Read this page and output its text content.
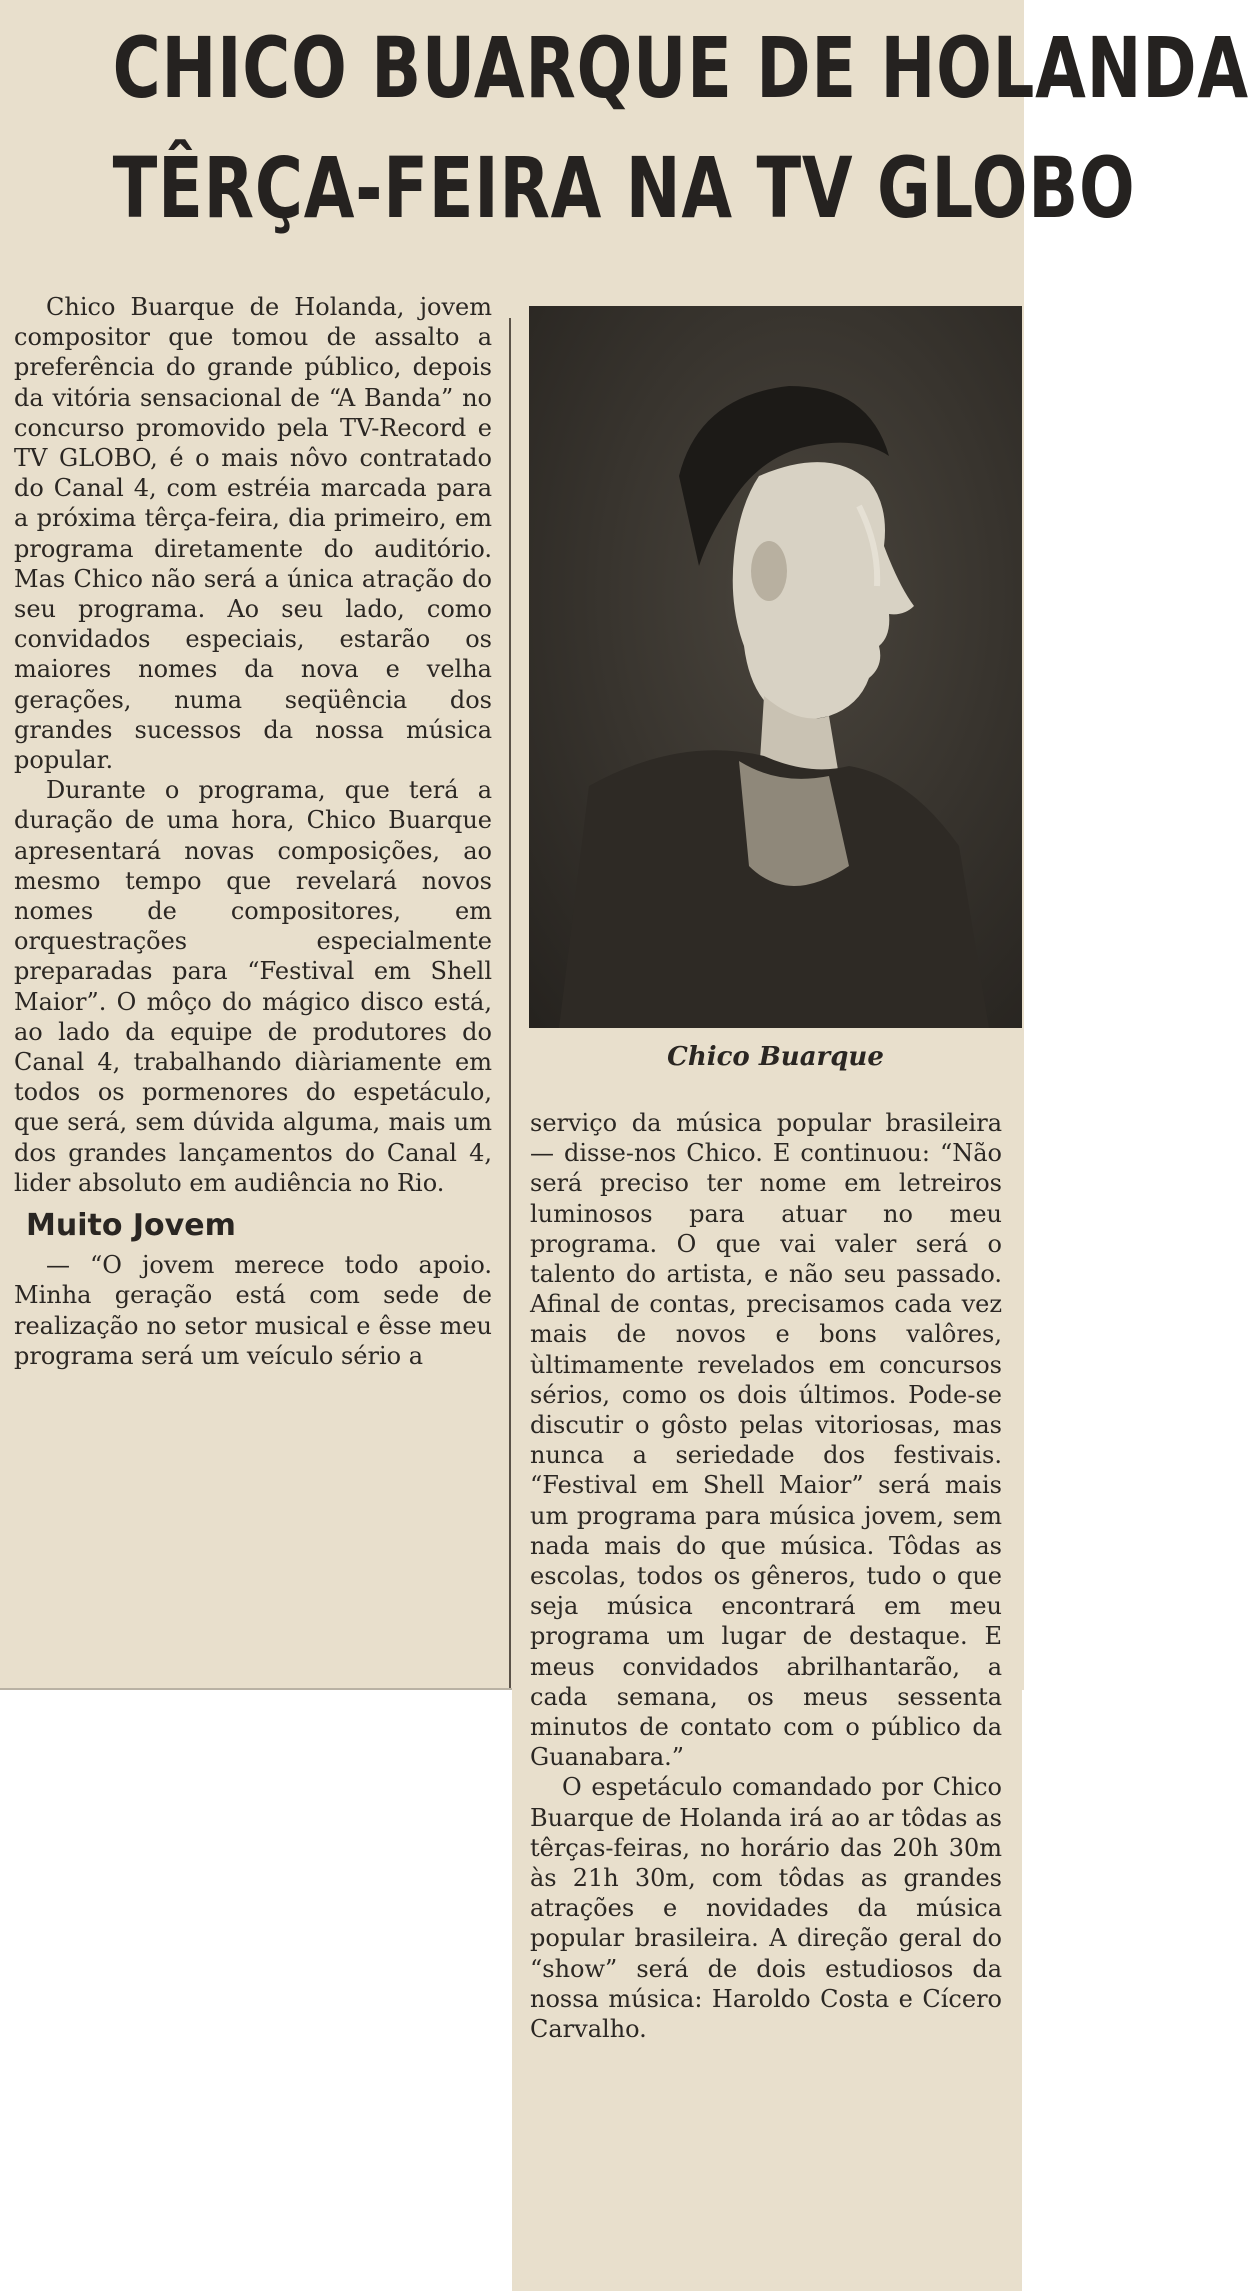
CHICO BUARQUE DE HOLANDA
TÊRÇA-FEIRA NA TV GLOBO

Chico Buarque de Holanda, jovem compositor que tomou de assalto a preferência do grande público, depois da vitória sensacional de “A Banda” no concurso promovido pela TV-Record e TV GLOBO, é o mais nôvo contratado do Canal 4, com estréia marcada para a próxima têrça-feira, dia primeiro, em programa diretamente do auditório. Mas Chico não será a única atração do seu programa. Ao seu lado, como convidados especiais, estarão os maiores nomes da nova e velha gerações, numa seqüência dos grandes sucessos da nossa música popular.

Durante o programa, que terá a duração de uma hora, Chico Buarque apresentará novas composições, ao mesmo tempo que revelará novos nomes de compositores, em orquestrações especialmente preparadas para “Festival em Shell Maior”. O môço do mágico disco está, ao lado da equipe de produtores do Canal 4, trabalhando diàriamente em todos os pormenores do espetáculo, que será, sem dúvida alguma, mais um dos grandes lançamentos do Canal 4, lider absoluto em audiência no Rio.

Muito Jovem

— “O jovem merece todo apoio. Minha geração está com sede de realização no setor musical e êsse meu programa será um veículo sério a

Chico Buarque

serviço da música popular brasileira — disse-nos Chico. E continuou: “Não será preciso ter nome em letreiros luminosos para atuar no meu programa. O que vai valer será o talento do artista, e não seu passado. Afinal de contas, precisamos cada vez mais de novos e bons valôres, ùltimamente revelados em concursos sérios, como os dois últimos. Pode-se discutir o gôsto pelas vitoriosas, mas nunca a seriedade dos festivais. “Festival em Shell Maior” será mais um programa para música jovem, sem nada mais do que música. Tôdas as escolas, todos os gêneros, tudo o que seja música encontrará em meu programa um lugar de destaque. E meus convidados abrilhantarão, a cada semana, os meus sessenta minutos de contato com o público da Guanabara.”

O espetáculo comandado por Chico Buarque de Holanda irá ao ar tôdas as têrças-feiras, no horário das 20h 30m às 21h 30m, com tôdas as grandes atrações e novidades da música popular brasileira. A direção geral do “show” será de dois estudiosos da nossa música: Haroldo Costa e Cícero Carvalho.
